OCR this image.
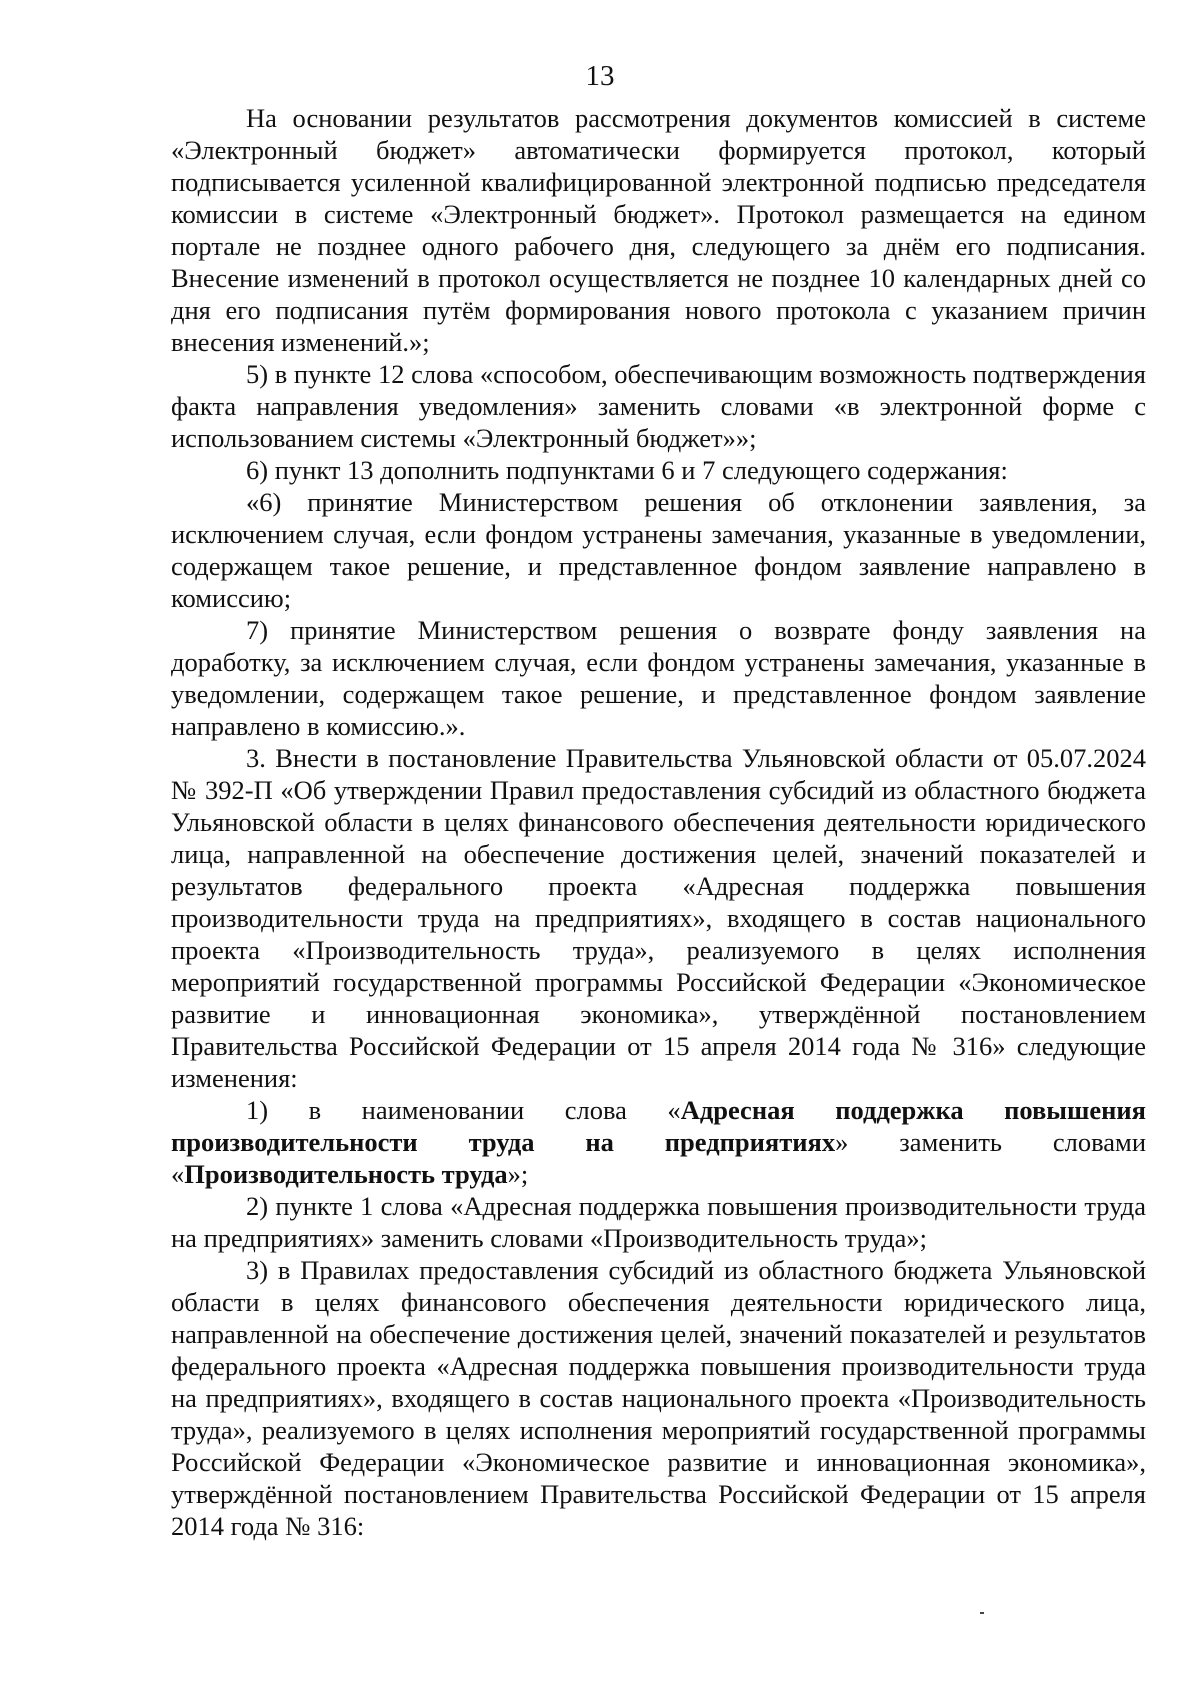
13

На основании результатов рассмотрения документов комиссией в системе «Электронный бюджет» автоматически формируется протокол, который подписывается усиленной квалифицированной электронной подписью председателя комиссии в системе «Электронный бюджет». Протокол размещается на едином портале не позднее одного рабочего дня, следующего за днём его подписания. Внесение изменений в протокол осуществляется не позднее 10 календарных дней со дня его подписания путём формирования нового протокола с указанием причин внесения изменений.»;

5) в пункте 12 слова «способом, обеспечивающим возможность подтверждения факта направления уведомления» заменить словами «в электронной форме с использованием системы «Электронный бюджет»»;

6) пункт 13 дополнить подпунктами 6 и 7 следующего содержания:

«6) принятие Министерством решения об отклонении заявления, за исключением случая, если фондом устранены замечания, указанные в уведомлении, содержащем такое решение, и представленное фондом заявление направлено в комиссию;

7) принятие Министерством решения о возврате фонду заявления на доработку, за исключением случая, если фондом устранены замечания, указанные в уведомлении, содержащем такое решение, и представленное фондом заявление направлено в комиссию.».

3. Внести в постановление Правительства Ульяновской области от 05.07.2024 № 392-П «Об утверждении Правил предоставления субсидий из областного бюджета Ульяновской области в целях финансового обеспечения деятельности юридического лица, направленной на обеспечение достижения целей, значений показателей и результатов федерального проекта «Адресная поддержка повышения производительности труда на предприятиях», входящего в состав национального проекта «Производительность труда», реализуемого в целях исполнения мероприятий государственной программы Российской Федерации «Экономическое развитие и инновационная экономика», утверждённой постановлением Правительства Российской Федерации от 15 апреля 2014 года № 316» следующие изменения:

1) в наименовании слова «Адресная поддержка повышения производительности труда на предприятиях» заменить словами «Производительность труда»;

2) пункте 1 слова «Адресная поддержка повышения производительности труда на предприятиях» заменить словами «Производительность труда»;

3) в Правилах предоставления субсидий из областного бюджета Ульяновской области в целях финансового обеспечения деятельности юридического лица, направленной на обеспечение достижения целей, значений показателей и результатов федерального проекта «Адресная поддержка повышения производительности труда на предприятиях», входящего в состав национального проекта «Производительность труда», реализуемого в целях исполнения мероприятий государственной программы Российской Федерации «Экономическое развитие и инновационная экономика», утверждённой постановлением Правительства Российской Федерации от 15 апреля 2014 года № 316:
